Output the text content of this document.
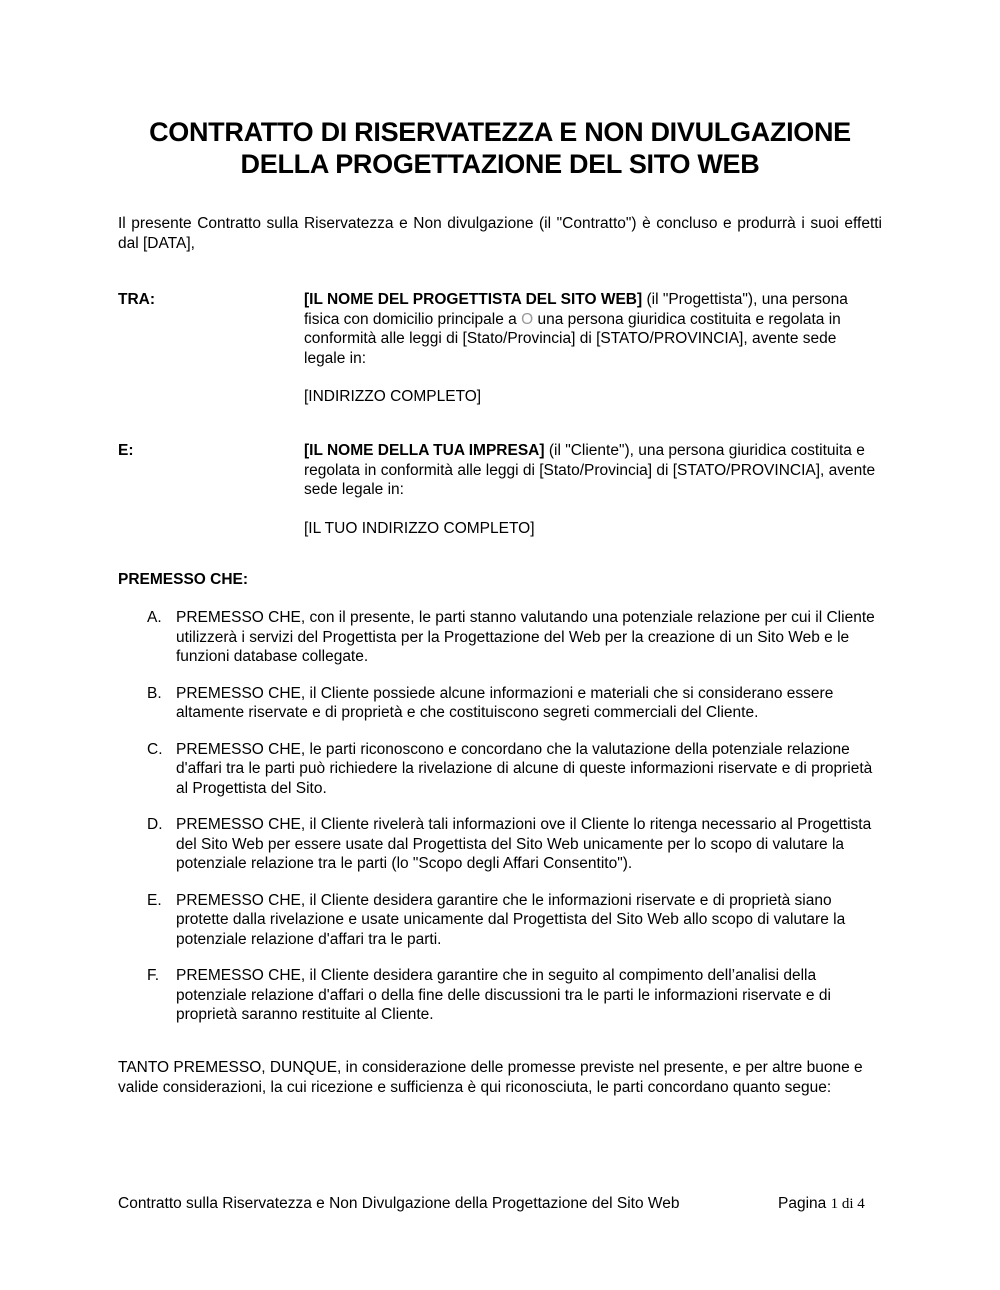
CONTRATTO DI RISERVATEZZA E NON DIVULGAZIONE
DELLA PROGETTAZIONE DEL SITO WEB

Il presente Contratto sulla Riservatezza e Non divulgazione (il "Contratto") è concluso e produrrà i suoi effetti dal [DATA],

TRA:	[IL NOME DEL PROGETTISTA DEL SITO WEB] (il "Progettista"), una persona fisica con domicilio principale a O una persona giuridica costituita e regolata in conformità alle leggi di [Stato/Provincia] di [STATO/PROVINCIA], avente sede legale in:

[INDIRIZZO COMPLETO]

E:	[IL NOME DELLA TUA IMPRESA] (il "Cliente"), una persona giuridica costituita e regolata in conformità alle leggi di [Stato/Provincia] di [STATO/PROVINCIA], avente sede legale in:

[IL TUO INDIRIZZO COMPLETO]

PREMESSO CHE:
A. PREMESSO CHE, con il presente, le parti stanno valutando una potenziale relazione per cui il Cliente utilizzerà i servizi del Progettista per la Progettazione del Web per la creazione di un Sito Web e le funzioni database collegate.
B. PREMESSO CHE, il Cliente possiede alcune informazioni e materiali che si considerano essere altamente riservate e di proprietà e che costituiscono segreti commerciali del Cliente.
C. PREMESSO CHE, le parti riconoscono e concordano che la valutazione della potenziale relazione d'affari tra le parti può richiedere la rivelazione di alcune di queste informazioni riservate e di proprietà al Progettista del Sito.
D. PREMESSO CHE, il Cliente rivelerà tali informazioni ove il Cliente lo ritenga necessario al Progettista del Sito Web per essere usate dal Progettista del Sito Web unicamente per lo scopo di valutare la potenziale relazione tra le parti (lo "Scopo degli Affari Consentito").
E. PREMESSO CHE, il Cliente desidera garantire che le informazioni riservate e di proprietà siano protette dalla rivelazione e usate unicamente dal Progettista del Sito Web allo scopo di valutare la potenziale relazione d'affari tra le parti.
F. PREMESSO CHE, il Cliente desidera garantire che in seguito al compimento dell’analisi della potenziale relazione d'affari o della fine delle discussioni tra le parti le informazioni riservate e di proprietà saranno restituite al Cliente.

TANTO PREMESSO, DUNQUE, in considerazione delle promesse previste nel presente, e per altre buone e valide considerazioni, la cui ricezione e sufficienza è qui riconosciuta, le parti concordano quanto segue:

Contratto sulla Riservatezza e Non Divulgazione della Progettazione del Sito Web	Pagina 1 di 4
